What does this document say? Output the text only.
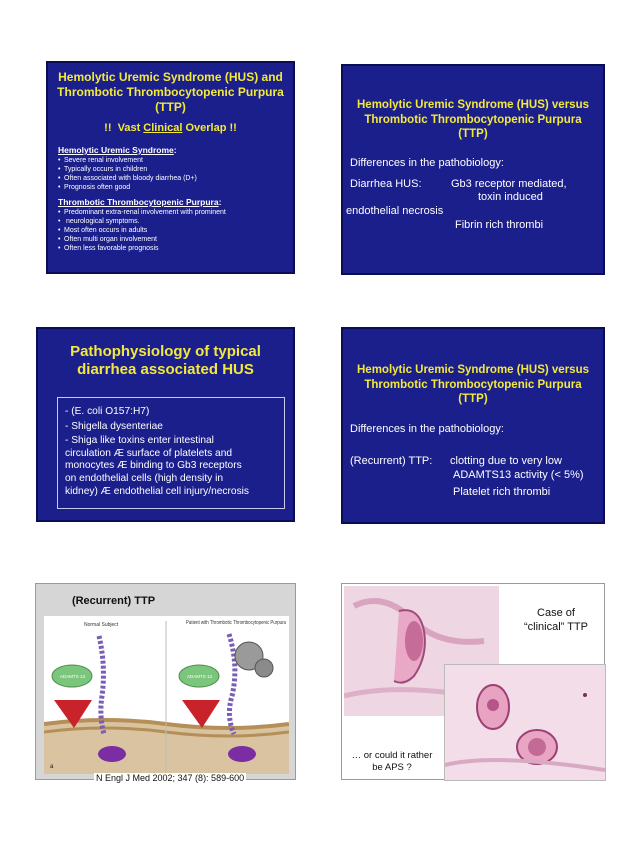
Hemolytic Uremic Syndrome (HUS) and
Thrombotic Thrombocytopenic Purpura
(TTP)
!!  Vast Clinical Overlap !!
Hemolytic Uremic Syndrome:
• Severe renal involvement
• Typically occurs in children
• Often associated with bloody diarrhea (D+)
• Prognosis often good
Thrombotic Thrombocytopenic Purpura:
• Predominant extra-renal involvement with prominent
• neurological symptoms.
• Most often occurs in adults
• Often multi organ involvement
• Often less favorable prognosis
Hemolytic Uremic Syndrome (HUS) versus
Thrombotic Thrombocytopenic Purpura
(TTP)
Differences in the pathobiology:
Diarrhea HUS:	Gb3 receptor mediated,
toxin induced
endothelial necrosis
Fibrin rich thrombi
Pathophysiology of typical
diarrhea associated HUS
- (E. coli O157:H7)
- Shigella dysenteriae
- Shiga like toxins enter intestinal
circulation Æ surface of platelets and
monocytes Æ binding to Gb3 receptors
on endothelial cells (high density in
kidney) Æ endothelial cell injury/necrosis
Hemolytic Uremic Syndrome (HUS) versus
Thrombotic Thrombocytopenic Purpura
(TTP)
Differences in the pathobiology:
(Recurrent) TTP: clotting due to very low
ADAMTS13 activity (< 5%)
Platelet rich thrombi
(Recurrent) TTP
Normal Subject
ADAMTS 13
a
Patient with Thrombotic Thrombocytopenic Purpura
ADAMTS 13
N Engl J Med 2002; 347 (8): 589-600
Case of
“clinical” TTP
… or could it rather
be APS ?
